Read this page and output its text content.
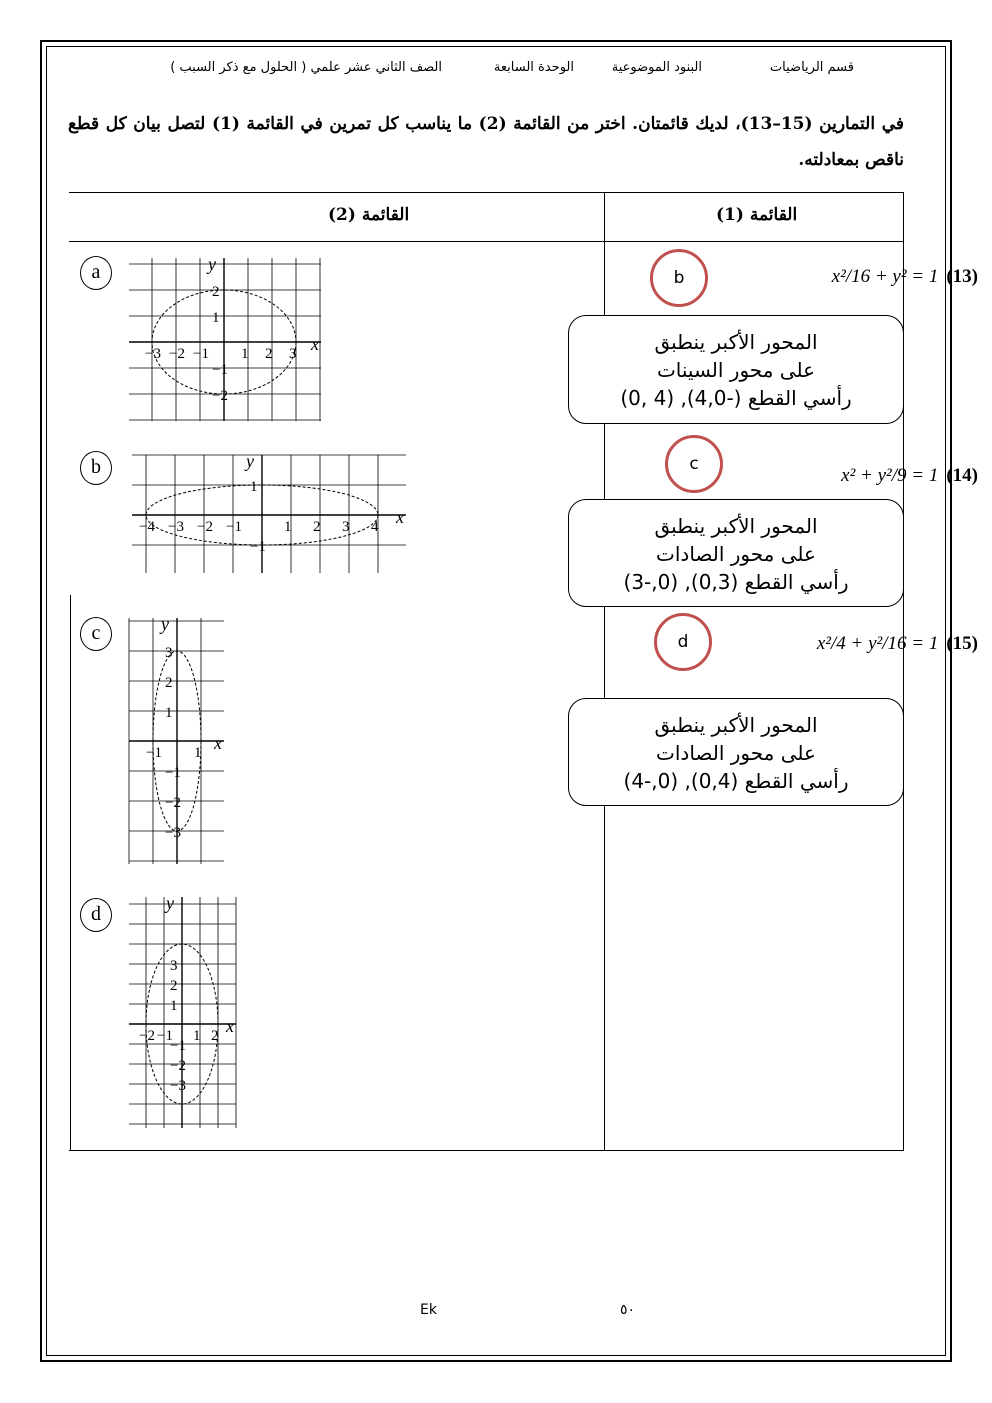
قسم الرياضيات
البنود الموضوعية
الوحدة السابعة
الصف الثاني عشر علمي ( الحلول مع ذكر السبب )
في التمارين (15–13)، لديك قائمتان. اختر من القائمة (2) ما يناسب كل تمرين في القائمة (1) لتصل بيان كل قطع ناقص بمعادلته.
القائمة (1)
القائمة (2)
b	x²/16 + y² = 1 (13)
المحور الأكبر ينطبق
على محور السينات
رأسي القطع (-4,0), (4 ,0)
c
x² + y²/9 = 1 (14)
المحور الأكبر ينطبق
على محور الصادات
رأسي القطع (0,3), (0,-3)
d	x²/4 + y²/16 = 1 (15)
المحور الأكبر ينطبق
على محور الصادات
رأسي القطع (0,4), (0,-4)
a
b
c
d
x
y
−3 −2 −1 1 2 3
2
1
−1
−2
x
y
−4 −3 −2 −1	1 2 3 4
1
−1
x
y
−1 1
3
2
1
−1
−2
−3
x
y
−2 −1 1 2
3
2
1
−1
−2
−3
Ek	٥٠
